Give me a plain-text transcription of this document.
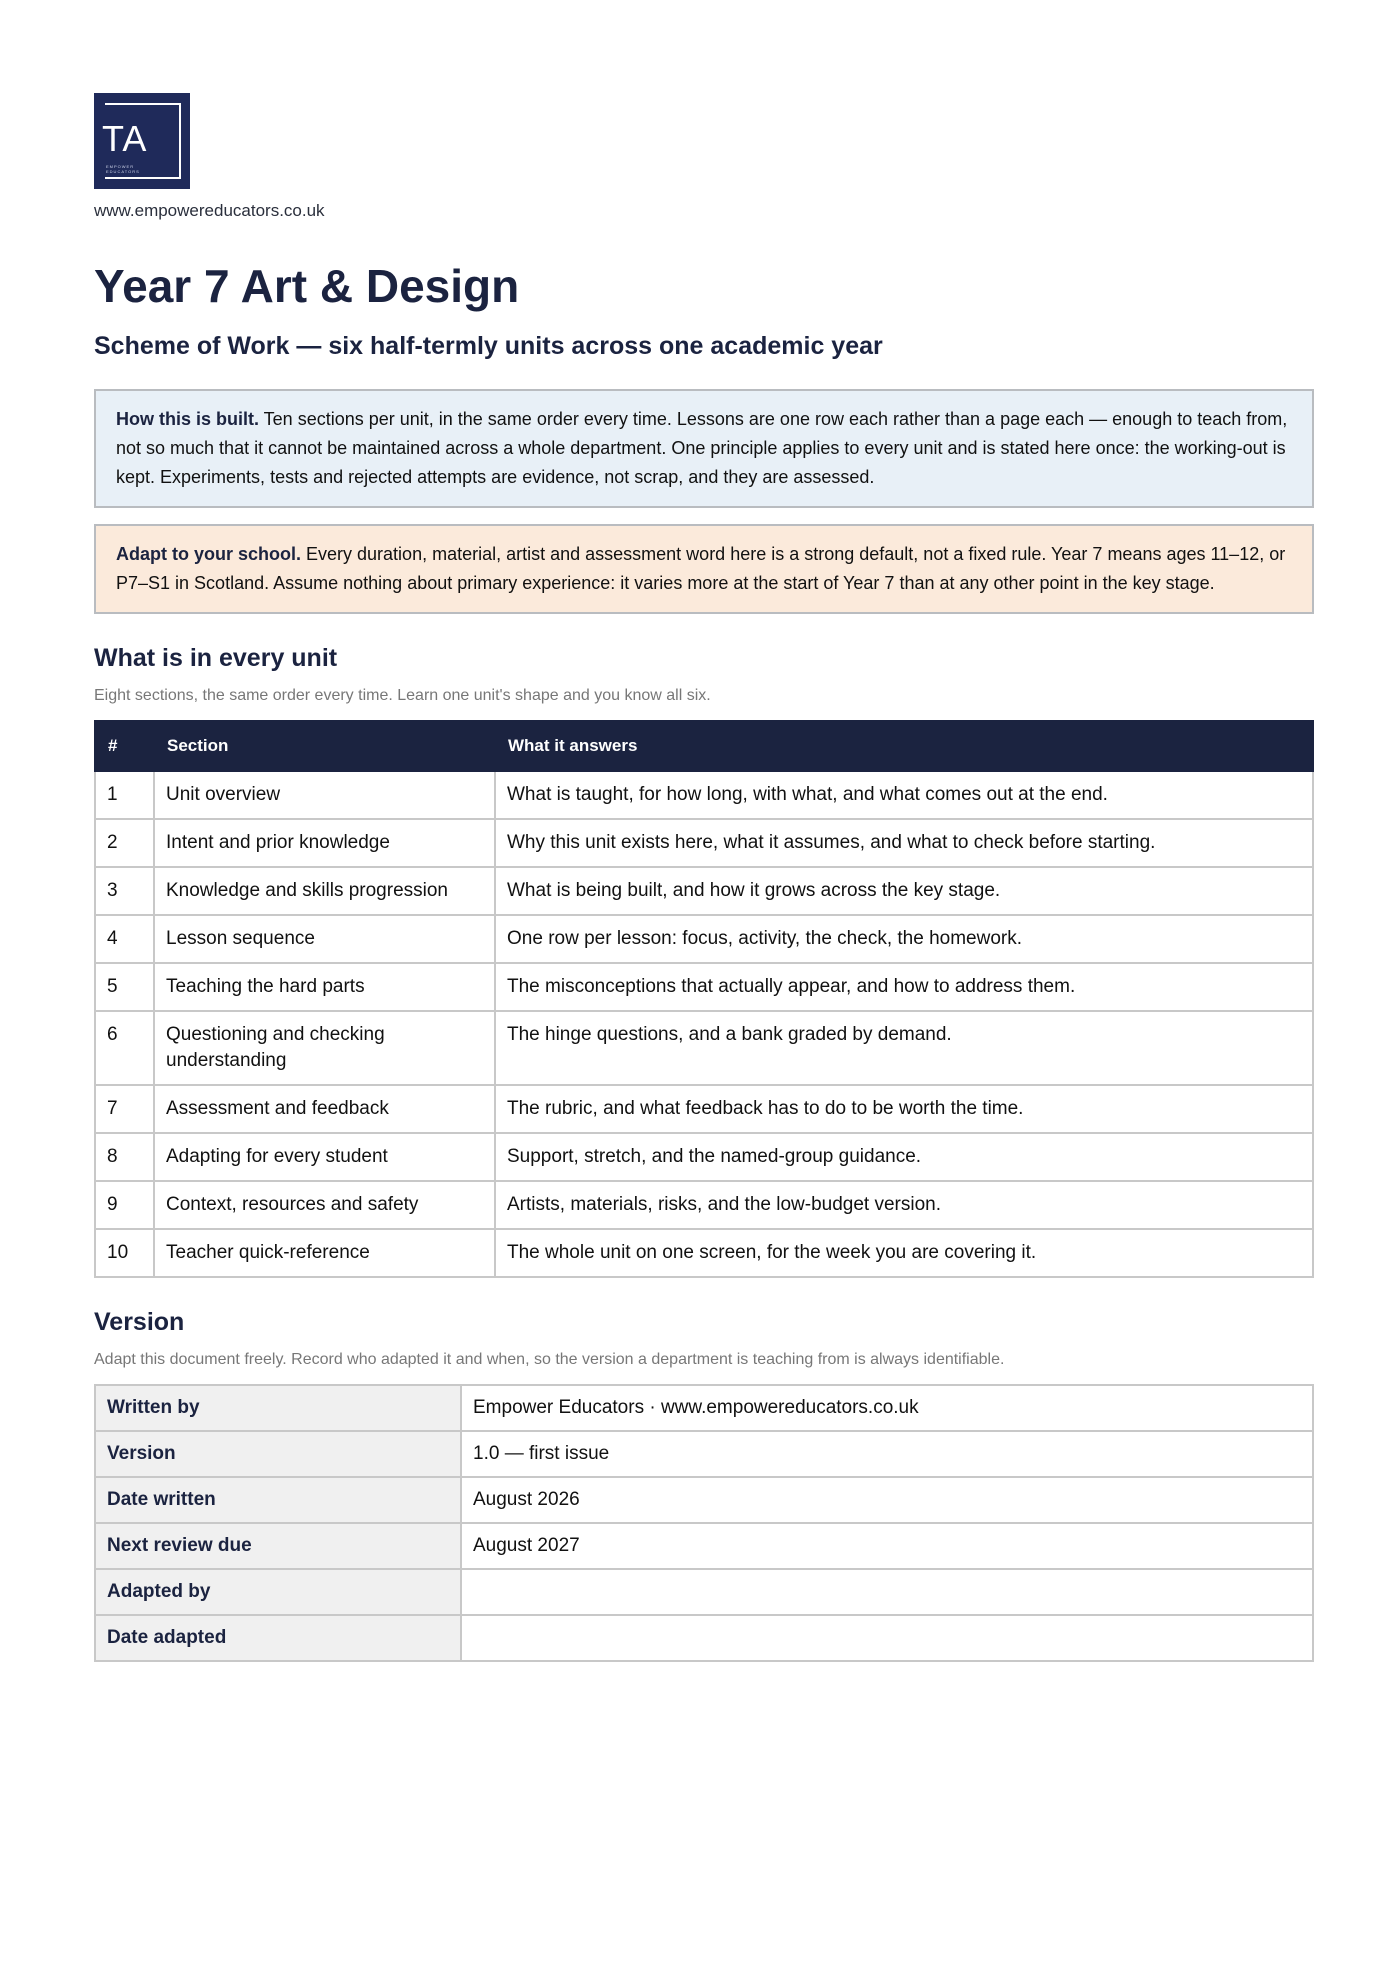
TA
EMPOWER
EDUCATORS
www.empowereducators.co.uk
Year 7 Art & Design
Scheme of Work — six half-termly units across one academic year
How this is built. Ten sections per unit, in the same order every time. Lessons are one row each rather than a page each — enough to teach from, not so much that it cannot be maintained across a whole department. One principle applies to every unit and is stated here once: the working-out is kept. Experiments, tests and rejected attempts are evidence, not scrap, and they are assessed.
Adapt to your school. Every duration, material, artist and assessment word here is a strong default, not a fixed rule. Year 7 means ages 11–12, or P7–S1 in Scotland. Assume nothing about primary experience: it varies more at the start of Year 7 than at any other point in the key stage.
What is in every unit
Eight sections, the same order every time. Learn one unit's shape and you know all six.
#	Section	What it answers
1	Unit overview	What is taught, for how long, with what, and what comes out at the end.
2	Intent and prior knowledge	Why this unit exists here, what it assumes, and what to check before starting.
3	Knowledge and skills progression	What is being built, and how it grows across the key stage.
4	Lesson sequence	One row per lesson: focus, activity, the check, the homework.
5	Teaching the hard parts	The misconceptions that actually appear, and how to address them.
6	Questioning and checking understanding	The hinge questions, and a bank graded by demand.
7	Assessment and feedback	The rubric, and what feedback has to do to be worth the time.
8	Adapting for every student	Support, stretch, and the named-group guidance.
9	Context, resources and safety	Artists, materials, risks, and the low-budget version.
10	Teacher quick-reference	The whole unit on one screen, for the week you are covering it.
Version
Adapt this document freely. Record who adapted it and when, so the version a department is teaching from is always identifiable.
Written by	Empower Educators · www.empowereducators.co.uk
Version	1.0 — first issue
Date written	August 2026
Next review due	August 2027
Adapted by	
Date adapted	
